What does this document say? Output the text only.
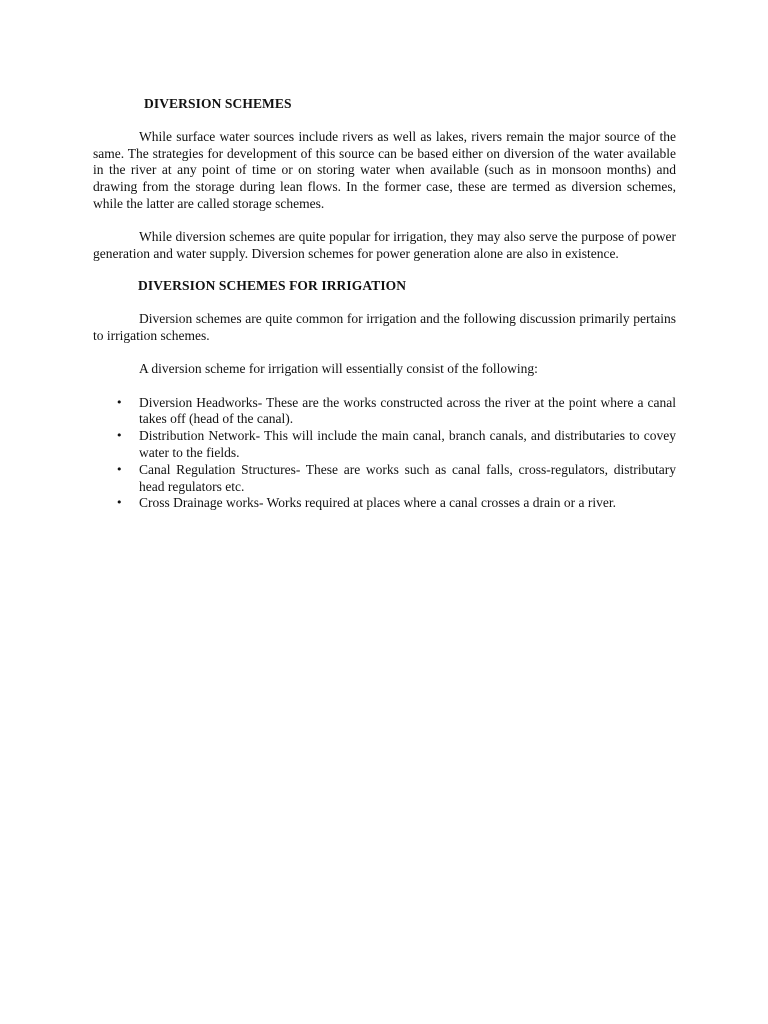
DIVERSION SCHEMES

While surface water sources include rivers as well as lakes, rivers remain the major source of the same. The strategies for development of this source can be based either on diversion of the water available in the river at any point of time or on storing water when available (such as in monsoon months) and drawing from the storage during lean flows. In the former case, these are termed as diversion schemes, while the latter are called storage schemes.

While diversion schemes are quite popular for irrigation, they may also serve the purpose of power generation and water supply. Diversion schemes for power generation alone are also in existence.

DIVERSION SCHEMES FOR IRRIGATION

Diversion schemes are quite common for irrigation and the following discussion primarily pertains to irrigation schemes.

A diversion scheme for irrigation will essentially consist of the following:

• Diversion Headworks- These are the works constructed across the river at the point where a canal takes off (head of the canal).
• Distribution Network- This will include the main canal, branch canals, and distributaries to covey water to the fields.
• Canal Regulation Structures- These are works such as canal falls, cross-regulators, distributary head regulators etc.
• Cross Drainage works- Works required at places where a canal crosses a drain or a river.
